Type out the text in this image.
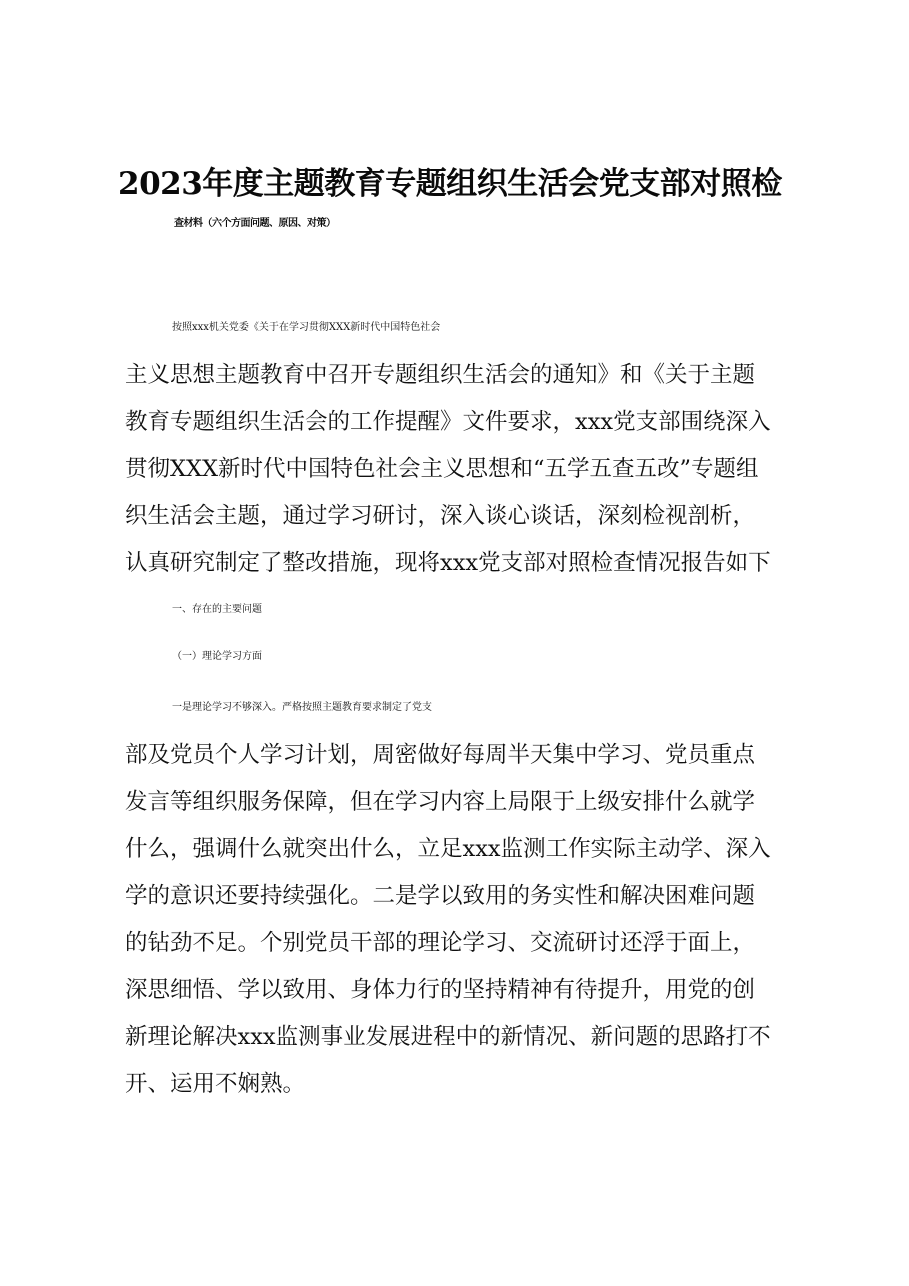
2023年度主题教育专题组织生活会党支部对照检
查材料（六个方面问题、原因、对策）
按照xxx机关党委《关于在学习贯彻XXX新时代中国特色社会
主义思想主题教育中召开专题组织生活会的通知》和《关于主题
教育专题组织生活会的工作提醒》文件要求，xxx党支部围绕深入
贯彻XXX新时代中国特色社会主义思想和“五学五查五改”专题组
织生活会主题，通过学习研讨，深入谈心谈话，深刻检视剖析，
认真研究制定了整改措施，现将xxx党支部对照检查情况报告如下
一、存在的主要问题
（一）理论学习方面
一是理论学习不够深入。严格按照主题教育要求制定了党支
部及党员个人学习计划，周密做好每周半天集中学习、党员重点
发言等组织服务保障，但在学习内容上局限于上级安排什么就学
什么，强调什么就突出什么，立足xxx监测工作实际主动学、深入
学的意识还要持续强化。二是学以致用的务实性和解决困难问题
的钻劲不足。个别党员干部的理论学习、交流研讨还浮于面上，
深思细悟、学以致用、身体力行的坚持精神有待提升，用党的创
新理论解决xxx监测事业发展进程中的新情况、新问题的思路打不
开、运用不娴熟。
